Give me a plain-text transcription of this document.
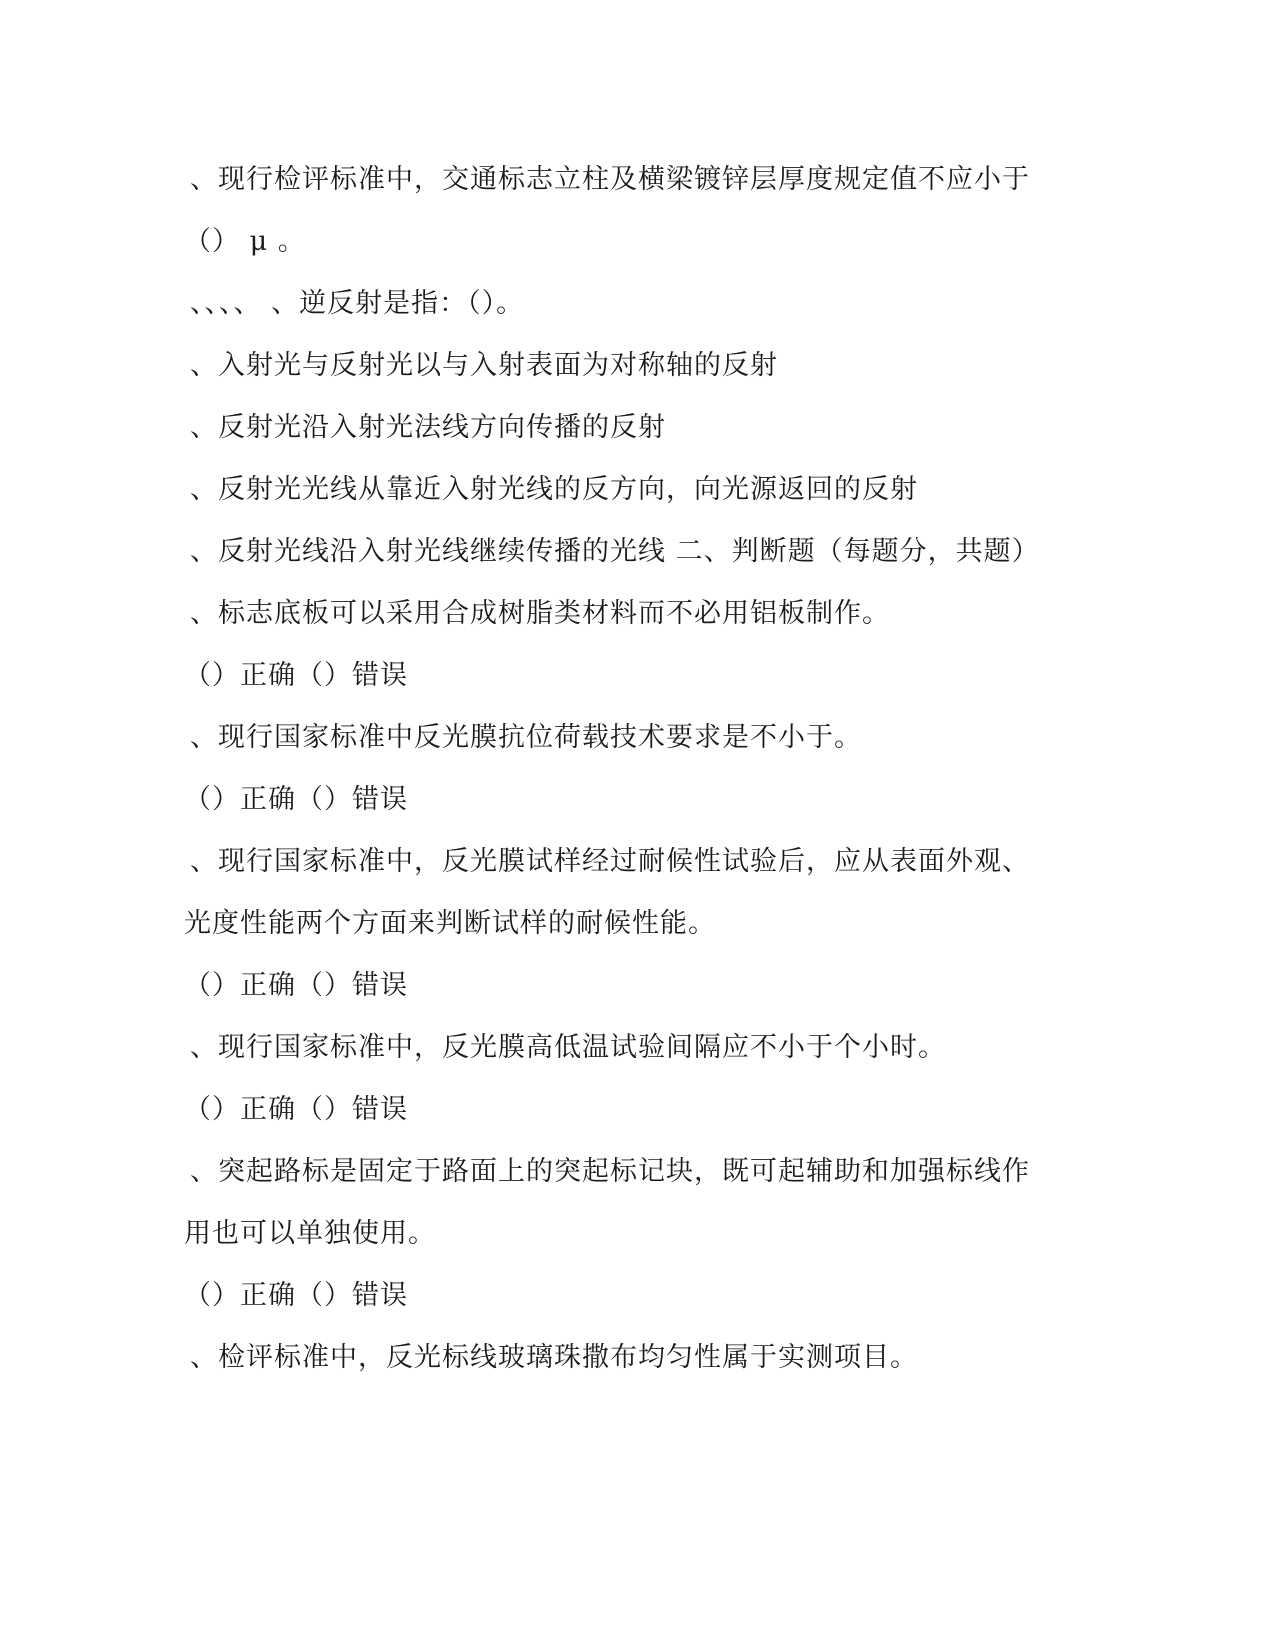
、现行检评标准中，交通标志立柱及横梁镀锌层厚度规定值不应小于
（） μ 。
、、、、 、逆反射是指：（）。
、入射光与反射光以与入射表面为对称轴的反射
、反射光沿入射光法线方向传播的反射
、反射光光线从靠近入射光线的反方向，向光源返回的反射
、反射光线沿入射光线继续传播的光线 二、判断题（每题分，共题）
、标志底板可以采用合成树脂类材料而不必用铝板制作。
（）正确（）错误
、现行国家标准中反光膜抗位荷载技术要求是不小于。
（）正确（）错误
、现行国家标准中，反光膜试样经过耐候性试验后，应从表面外观、
光度性能两个方面来判断试样的耐候性能。
（）正确（）错误
、现行国家标准中，反光膜高低温试验间隔应不小于个小时。
（）正确（）错误
、突起路标是固定于路面上的突起标记块，既可起辅助和加强标线作
用也可以单独使用。
（）正确（）错误
、检评标准中，反光标线玻璃珠撒布均匀性属于实测项目。
